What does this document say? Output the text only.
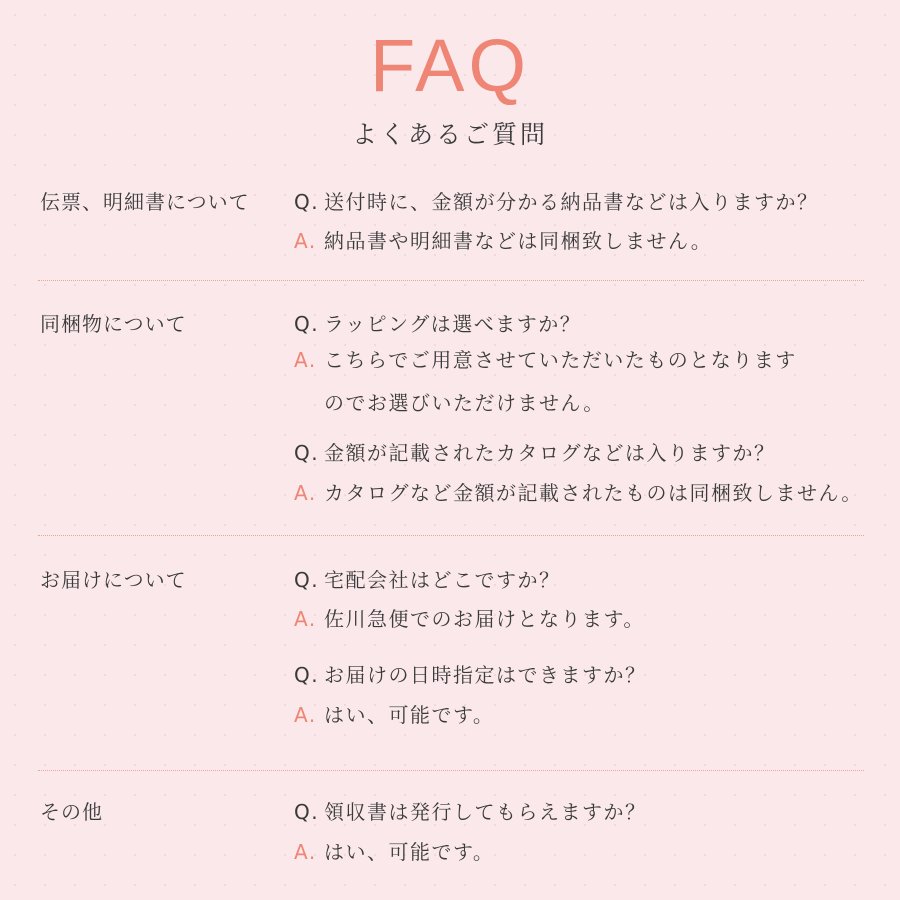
FAQ
よくあるご質問
伝票、明細書について Q. 送付時に、金額が分かる納品書などは入りますか？
A. 納品書や明細書などは同梱致しません。
同梱物について	Q. ラッピングは選べますか？
A. こちらでご用意させていただいたものとなります
のでお選びいただけません。
Q. 金額が記載されたカタログなどは入りますか？
A. カタログなど金額が記載されたものは同梱致しません。
お届けについて	Q. 宅配会社はどこですか？
A. 佐川急便でのお届けとなります。
Q. お届けの日時指定はできますか？
A. はい、可能です。
その他	Q. 領収書は発行してもらえますか？
A. はい、可能です。
